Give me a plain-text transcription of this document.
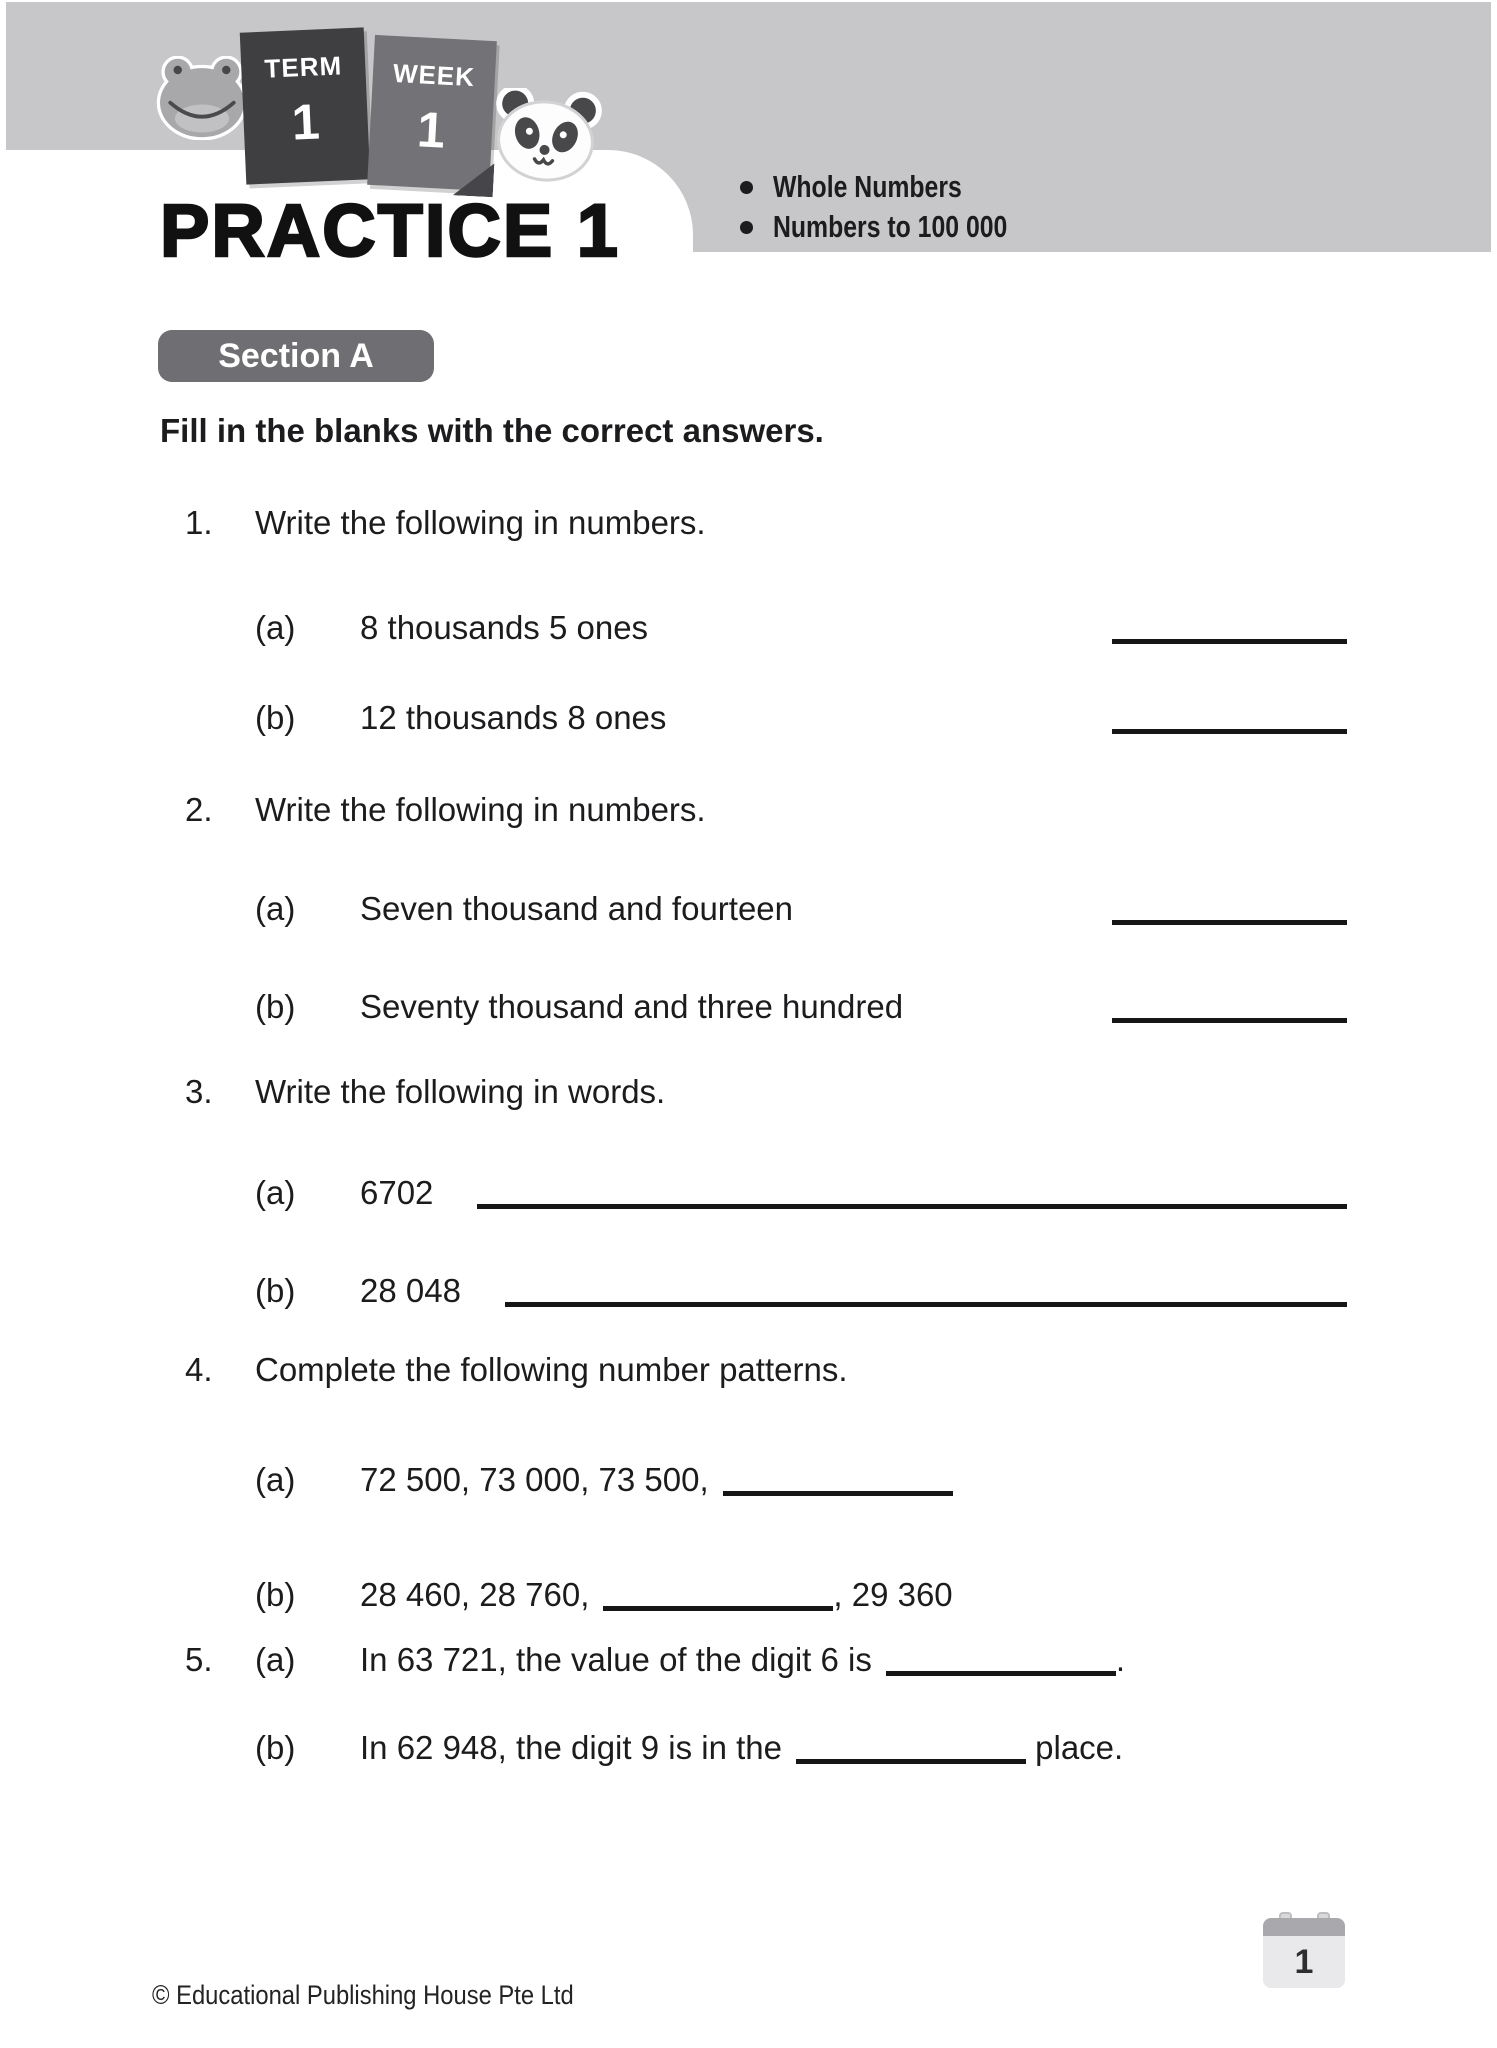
TERM
1
WEEK
1
PRACTICE 1
Whole Numbers
Numbers to 100 000
Section A
Fill in the blanks with the correct answers.
1.	Write the following in numbers.
(a)	8 thousands 5 ones
(b)	12 thousands 8 ones
2.	Write the following in numbers.
(a)	Seven thousand and fourteen
(b)	Seventy thousand and three hundred
3.	Write the following in words.
(a)	6702
(b)	28 048
4.	Complete the following number patterns.
(a)	72 500, 73 000, 73 500,
(b)	28 460, 28 760,	, 29 360
5.	(a)	In 63 721, the value of the digit 6 is	.
(b)	In 62 948, the digit 9 is in the	place.
© Educational Publishing House Pte Ltd
1
